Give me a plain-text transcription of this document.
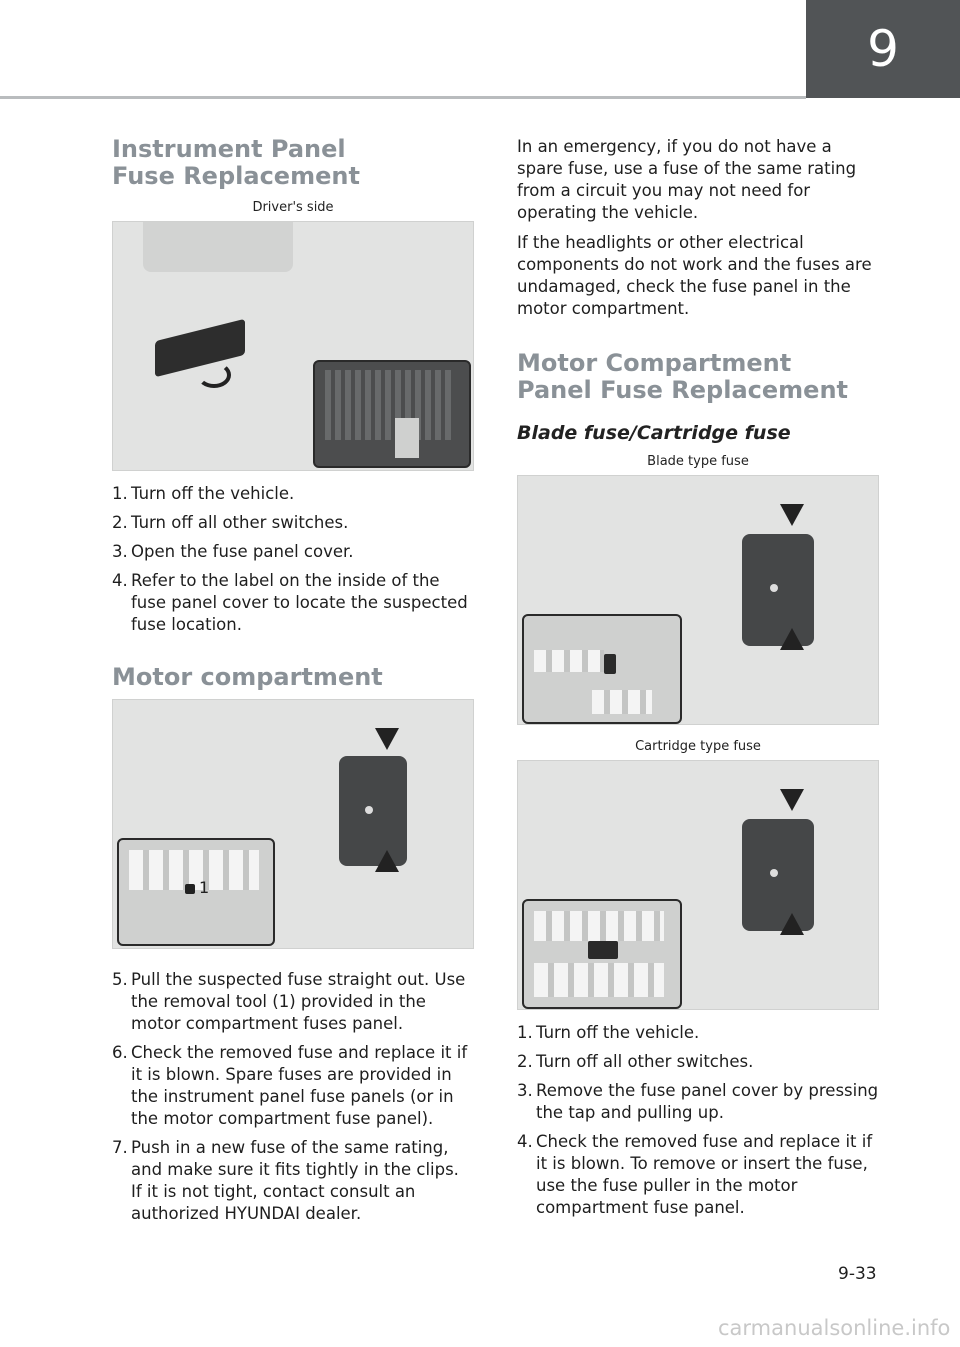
9
Instrument Panel Fuse Replacement
Driver's side
1. Turn off the vehicle.
2. Turn off all other switches.
3. Open the fuse panel cover.
4. Refer to the label on the inside of the fuse panel cover to locate the suspected fuse location.
Motor compartment
1
5. Pull the suspected fuse straight out. Use the removal tool (1) provided in the motor compartment fuses panel.
6. Check the removed fuse and replace it if it is blown. Spare fuses are provided in the instrument panel fuse panels (or in the motor compartment fuse panel).
7. Push in a new fuse of the same rating, and make sure it fits tightly in the clips. If it is not tight, contact consult an authorized HYUNDAI dealer.

In an emergency, if you do not have a spare fuse, use a fuse of the same rating from a circuit you may not need for operating the vehicle.

If the headlights or other electrical components do not work and the fuses are undamaged, check the fuse panel in the motor compartment.

Motor Compartment Panel Fuse Replacement
Blade fuse/Cartridge fuse
Blade type fuse
Cartridge type fuse
1. Turn off the vehicle.
2. Turn off all other switches.
3. Remove the fuse panel cover by pressing the tap and pulling up.
4. Check the removed fuse and replace it if it is blown. To remove or insert the fuse, use the fuse puller in the motor compartment fuse panel.
9-33
carmanualsonline.info
